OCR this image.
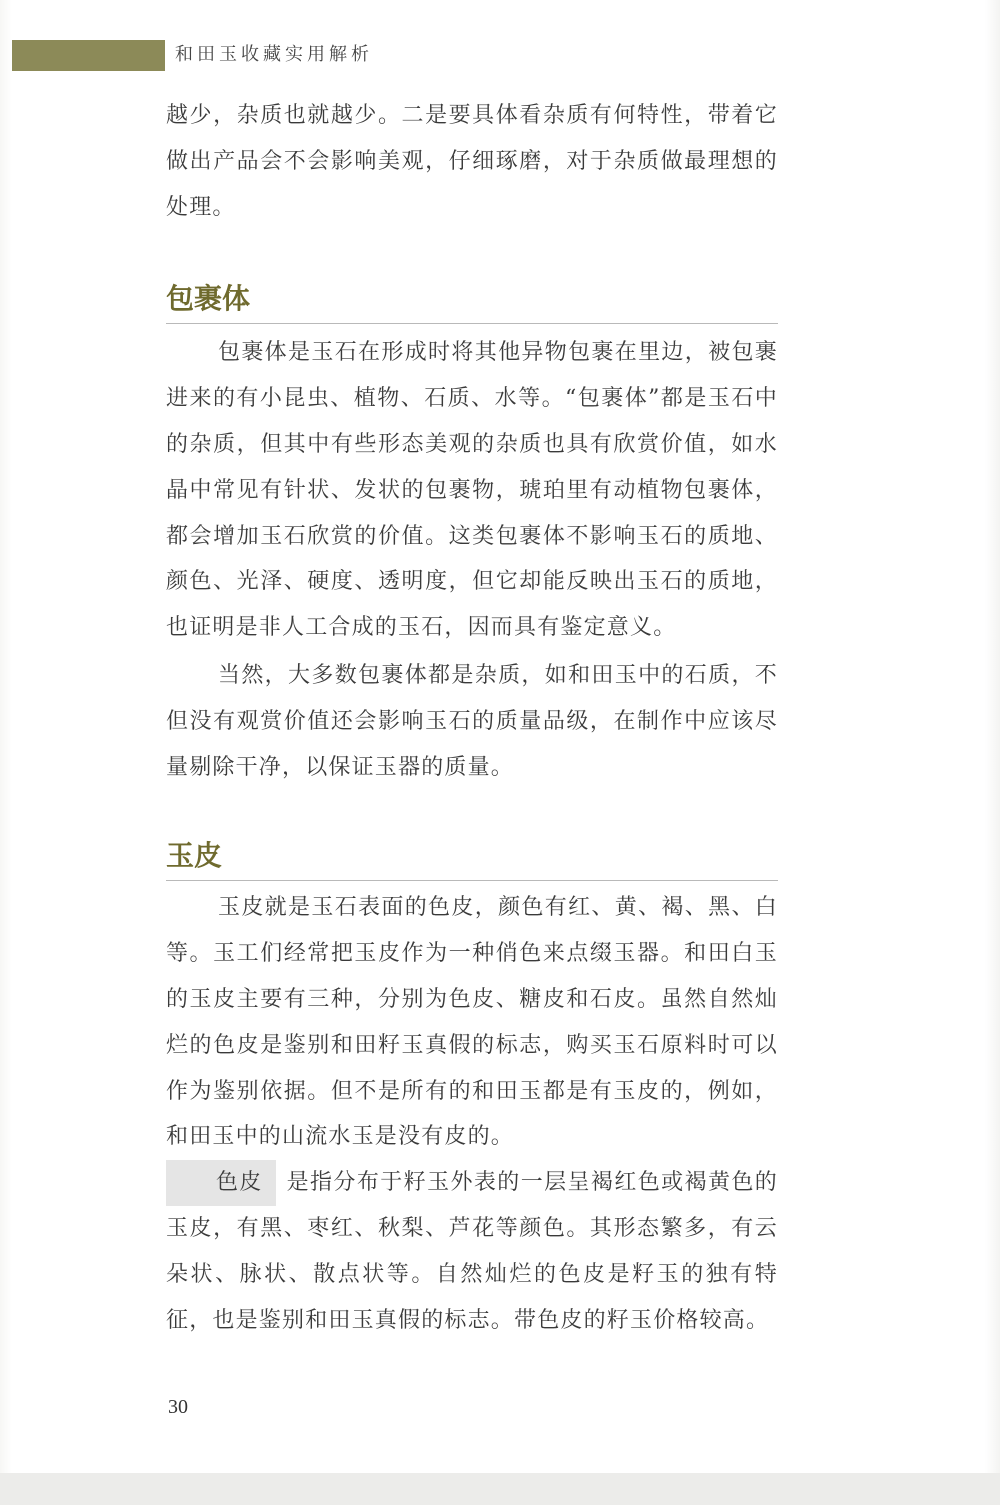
和田玉收藏实用解析

越少，杂质也就越少。二是要具体看杂质有何特性，带着它做出产品会不会影响美观，仔细琢磨，对于杂质做最理想的处理。

包裹体

包裹体是玉石在形成时将其他异物包裹在里边，被包裹进来的有小昆虫、植物、石质、水等。“包裹体”都是玉石中的杂质，但其中有些形态美观的杂质也具有欣赏价值，如水晶中常见有针状、发状的包裹物，琥珀里有动植物包裹体，都会增加玉石欣赏的价值。这类包裹体不影响玉石的质地、颜色、光泽、硬度、透明度，但它却能反映出玉石的质地，也证明是非人工合成的玉石，因而具有鉴定意义。

当然，大多数包裹体都是杂质，如和田玉中的石质，不但没有观赏价值还会影响玉石的质量品级，在制作中应该尽量剔除干净，以保证玉器的质量。

玉皮

玉皮就是玉石表面的色皮，颜色有红、黄、褐、黑、白等。玉工们经常把玉皮作为一种俏色来点缀玉器。和田白玉的玉皮主要有三种，分别为色皮、糖皮和石皮。虽然自然灿烂的色皮是鉴别和田籽玉真假的标志，购买玉石原料时可以作为鉴别依据。但不是所有的和田玉都是有玉皮的，例如，和田玉中的山流水玉是没有皮的。

色皮 是指分布于籽玉外表的一层呈褐红色或褐黄色的玉皮，有黑、枣红、秋梨、芦花等颜色。其形态繁多，有云朵状、脉状、散点状等。自然灿烂的色皮是籽玉的独有特征，也是鉴别和田玉真假的标志。带色皮的籽玉价格较高。

30
